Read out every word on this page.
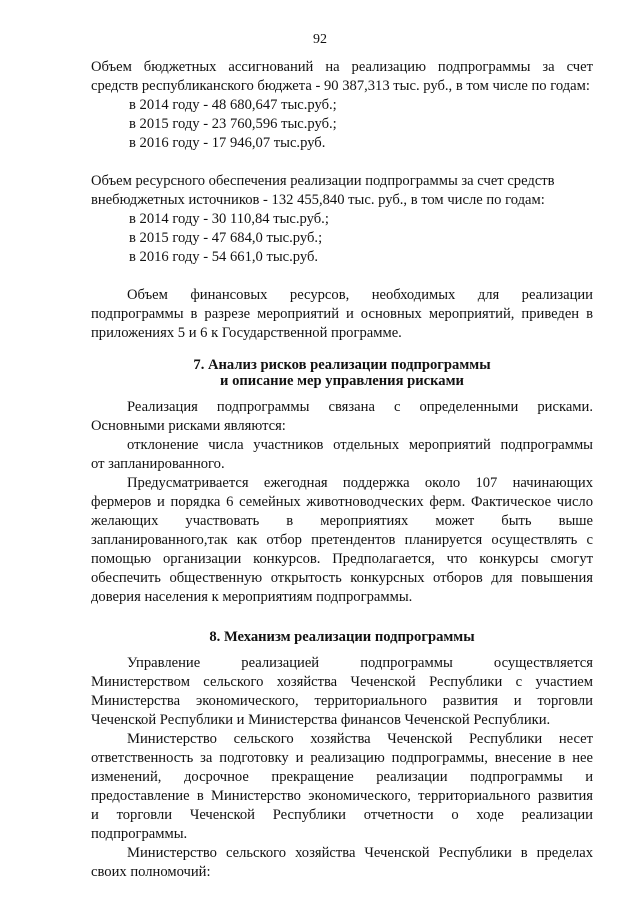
92

Объем бюджетных ассигнований на реализацию подпрограммы за счет

средств республиканского бюджета - 90 387,313 тыс. руб., в том числе по годам:

в 2014 году - 48 680,647 тыс.руб.;

в 2015 году - 23 760,596 тыс.руб.;

в 2016 году - 17 946,07 тыс.руб.

Объем ресурсного обеспечения реализации подпрограммы за счет средств

внебюджетных источников - 132 455,840 тыс. руб., в том числе по годам:

в 2014 году - 30 110,84 тыс.руб.;

в 2015 году - 47 684,0 тыс.руб.;

в 2016 году - 54 661,0 тыс.руб.

Объем финансовых ресурсов, необходимых для реализации

подпрограммы в разрезе мероприятий и основных мероприятий, приведен в

приложениях 5 и 6 к Государственной программе.

7. Анализ рисков реализации подпрограммы

и описание мер управления рисками

Реализация подпрограммы связана с определенными рисками.

Основными рисками являются:

отклонение числа участников отдельных мероприятий подпрограммы

от запланированного.

Предусматривается ежегодная поддержка около 107 начинающих

фермеров и порядка 6 семейных животноводческих ферм. Фактическое число

желающих участвовать в мероприятиях может быть выше

запланированного,так как отбор претендентов планируется осуществлять с

помощью организации конкурсов. Предполагается, что конкурсы смогут

обеспечить общественную открытость конкурсных отборов для повышения

доверия населения к мероприятиям подпрограммы.

8. Механизм реализации подпрограммы

Управление реализацией подпрограммы осуществляется

Министерством сельского хозяйства Чеченской Республики с участием

Министерства экономического, территориального развития и торговли

Чеченской Республики и Министерства финансов Чеченской Республики.

Министерство сельского хозяйства Чеченской Республики несет

ответственность за подготовку и реализацию подпрограммы, внесение в нее

изменений, досрочное прекращение реализации подпрограммы и

предоставление в Министерство экономического, территориального развития

и торговли Чеченской Республики отчетности о ходе реализации

подпрограммы.

Министерство сельского хозяйства Чеченской Республики в пределах

своих полномочий:
